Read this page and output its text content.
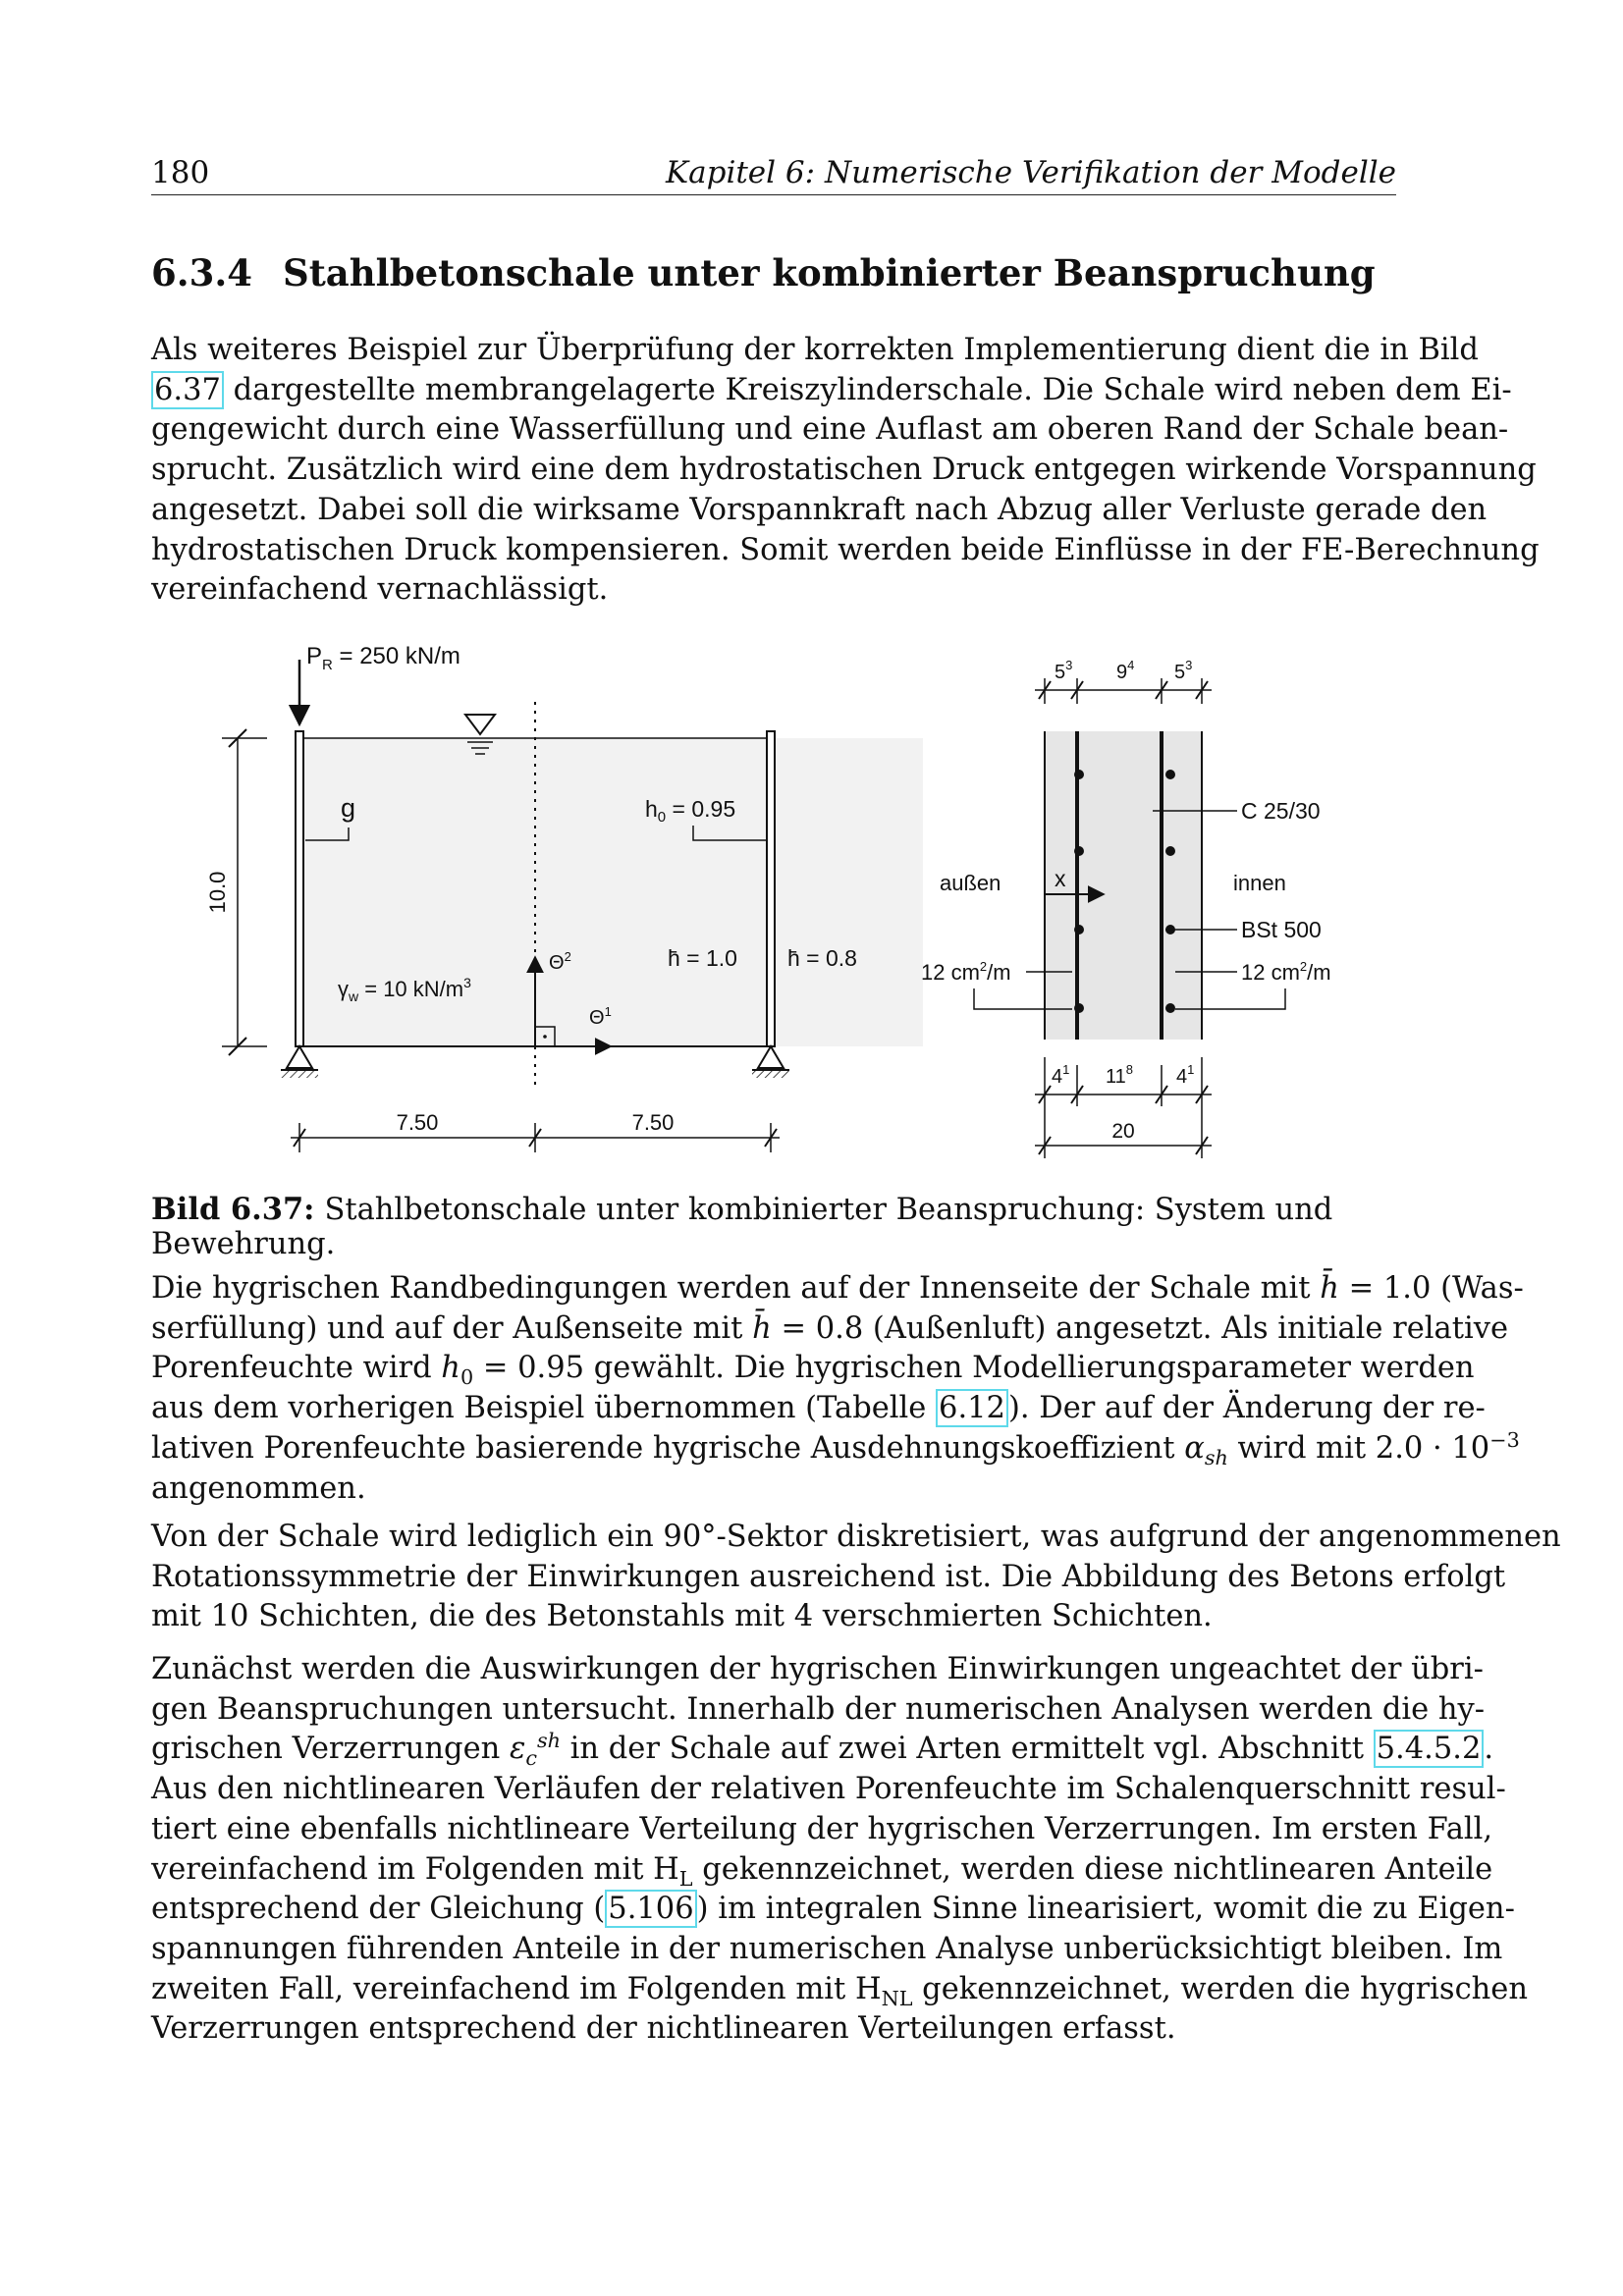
180	Kapitel 6: Numerische Verifikation der Modelle
6.3.4 Stahlbetonschale unter kombinierter Beanspruchung

Als weiteres Beispiel zur Überprüfung der korrekten Implementierung dient die in Bild
6.37 dargestellte membrangelagerte Kreiszylinderschale. Die Schale wird neben dem Ei-
gengewicht durch eine Wasserfüllung und eine Auflast am oberen Rand der Schale bean-
sprucht. Zusätzlich wird eine dem hydrostatischen Druck entgegen wirkende Vorspannung
angesetzt. Dabei soll die wirksame Vorspannkraft nach Abzug aller Verluste gerade den
hydrostatischen Druck kompensieren. Somit werden beide Einflüsse in der FE-Berechnung
vereinfachend vernachlässigt.

$P_R = 250$ kN/m
g	$h_0 = 0.95$
h̄ = 1.0 h̄ = 0.8
$\gamma_w = 10$ $kN/m^3$
$\Theta^2$
$\Theta^1$
10.0
7.50	7.50
$5^3$ $9^4$ $5^3$
C 25/30
außen	innen
x
BSt 500
12 $cm^2/m$	12 $cm^2/m$
$4^1$ $11^8$ $4^1$
20
Bild 6.37: Stahlbetonschale unter kombinierter Beanspruchung: System und Bewehrung.

Die hygrischen Randbedingungen werden auf der Innenseite der Schale mit h̄ = 1.0 (Was-
serfüllung) und auf der Außenseite mit h̄ = 0.8 (Außenluft) angesetzt. Als initiale relative
Porenfeuchte wird $h_0 = 0.95$ gewählt. Die hygrischen Modellierungsparameter werden
aus dem vorherigen Beispiel übernommen (Tabelle 6.12). Der auf der Änderung der re-
lativen Porenfeuchte basierende hygrische Ausdehnungskoeffizient $\alpha_{sh}$ wird mit $2.0 \cdot 10^{-3}$
angenommen.

Von der Schale wird lediglich ein 90°-Sektor diskretisiert, was aufgrund der angenommenen
Rotationssymmetrie der Einwirkungen ausreichend ist. Die Abbildung des Betons erfolgt
mit 10 Schichten, die des Betonstahls mit 4 verschmierten Schichten.

Zunächst werden die Auswirkungen der hygrischen Einwirkungen ungeachtet der übri-
gen Beanspruchungen untersucht. Innerhalb der numerischen Analysen werden die hy-
grischen Verzerrungen $\varepsilon_c^{sh}$ in der Schale auf zwei Arten ermittelt vgl. Abschnitt 5.4.5.2.
Aus den nichtlinearen Verläufen der relativen Porenfeuchte im Schalenquerschnitt resul-
tiert eine ebenfalls nichtlineare Verteilung der hygrischen Verzerrungen. Im ersten Fall,
vereinfachend im Folgenden mit $H_L$ gekennzeichnet, werden diese nichtlinearen Anteile
entsprechend der Gleichung (5.106) im integralen Sinne linearisiert, womit die zu Eigen-
spannungen führenden Anteile in der numerischen Analyse unberücksichtigt bleiben. Im
zweiten Fall, vereinfachend im Folgenden mit $H_{NL}$ gekennzeichnet, werden die hygrischen
Verzerrungen entsprechend der nichtlinearen Verteilungen erfasst.
